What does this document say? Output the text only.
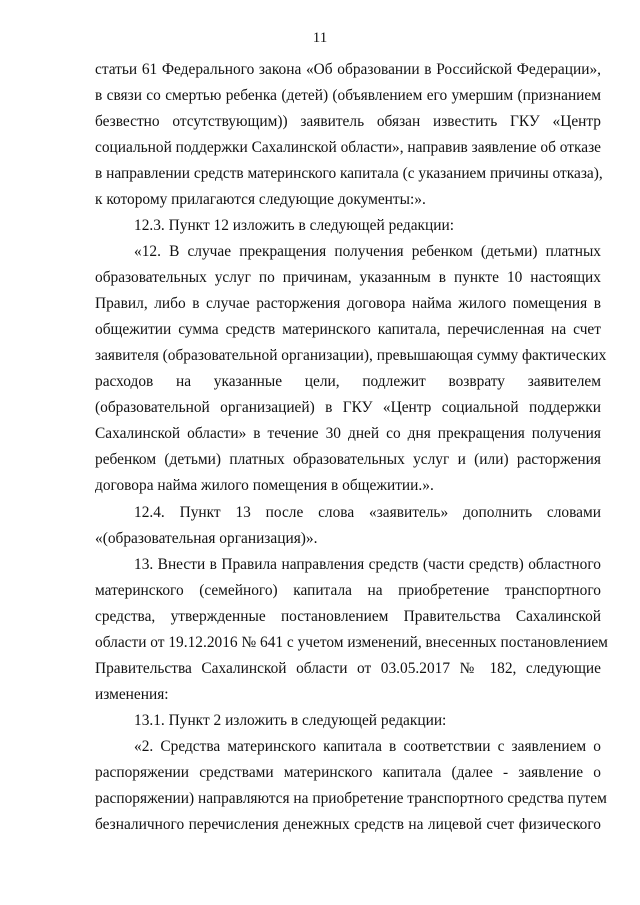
11
статьи 61 Федерального закона «Об образовании в Российской Федерации»,
в связи со смертью ребенка (детей) (объявлением его умершим (признанием
безвестно отсутствующим)) заявитель обязан известить ГКУ «Центр
социальной поддержки Сахалинской области», направив заявление об отказе
в направлении средств материнского капитала (с указанием причины отказа),
к которому прилагаются следующие документы:».
12.3. Пункт 12 изложить в следующей редакции:
«12. В случае прекращения получения ребенком (детьми) платных
образовательных услуг по причинам, указанным в пункте 10 настоящих
Правил, либо в случае расторжения договора найма жилого помещения в
общежитии сумма средств материнского капитала, перечисленная на счет
заявителя (образовательной организации), превышающая сумму фактических
расходов на указанные цели, подлежит возврату заявителем
(образовательной организацией) в ГКУ «Центр социальной поддержки
Сахалинской области» в течение 30 дней со дня прекращения получения
ребенком (детьми) платных образовательных услуг и (или) расторжения
договора найма жилого помещения в общежитии.».
12.4. Пункт 13 после слова «заявитель» дополнить словами
«(образовательная организация)».
13. Внести в Правила направления средств (части средств) областного
материнского (семейного) капитала на приобретение транспортного
средства, утвержденные постановлением Правительства Сахалинской
области от 19.12.2016 № 641 с учетом изменений, внесенных постановлением
Правительства Сахалинской области от 03.05.2017 № 182, следующие
изменения:
13.1. Пункт 2 изложить в следующей редакции:
«2. Средства материнского капитала в соответствии с заявлением о
распоряжении средствами материнского капитала (далее - заявление о
распоряжении) направляются на приобретение транспортного средства путем
безналичного перечисления денежных средств на лицевой счет физического
